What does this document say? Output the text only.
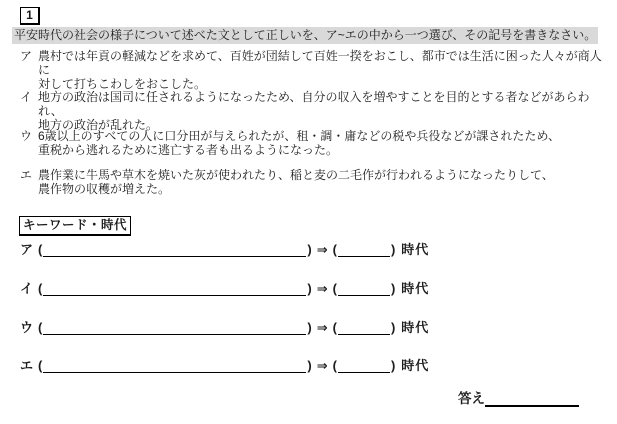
1
平安時代の社会の様子について述べた文として正しいを、ア~エの中から一つ選び、その記号を書きなさい。
ア 農村では年貢の軽減などを求めて、百姓が団結して百姓一揆をおこし、都市では生活に困った人々が商人に
対して打ちこわしをおこした。
イ 地方の政治は国司に任されるようになったため、自分の収入を増やすことを目的とする者などがあらわれ、
地方の政治が乱れた。
ウ 6歳以上のすべての人に口分田が与えられたが、租・調・庸などの税や兵役などが課されたため、
重税から逃れるために逃亡する者も出るようになった。
エ 農作業に牛馬や草木を焼いた灰が使われたり、稲と麦の二毛作が行われるようになったりして、
農作物の収穫が増えた。
キーワード・時代
ア (	) ⇒ (	) 時代
イ (	) ⇒ (	) 時代
ウ (	) ⇒ (	) 時代
エ (	) ⇒ (	) 時代
答え
